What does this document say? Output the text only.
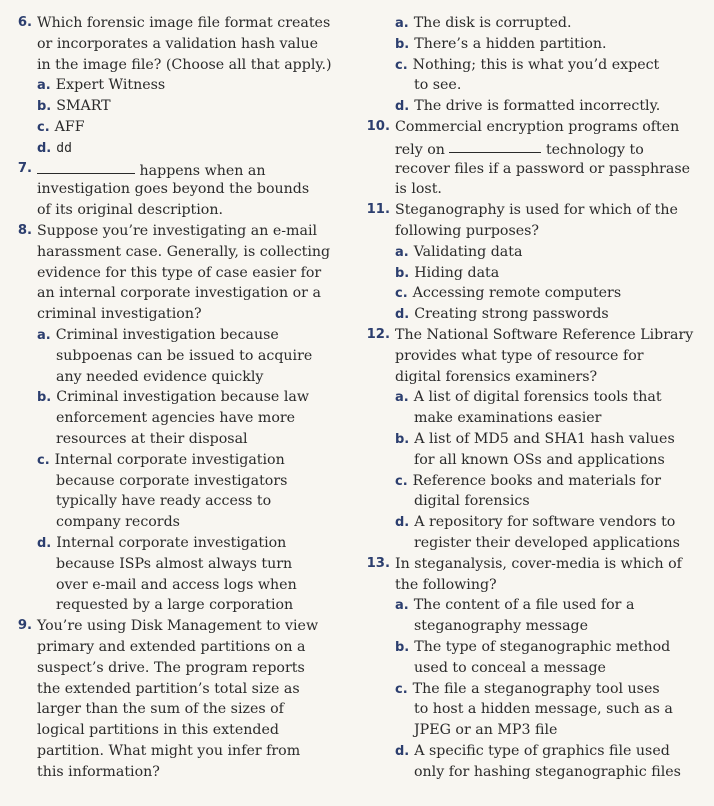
6. Which forensic image file format creates
or incorporates a validation hash value
in the image file? (Choose all that apply.)
a. Expert Witness
b. SMART
c. AFF
d. dd
7.	happens when an
investigation goes beyond the bounds
of its original description.
8. Suppose you’re investigating an e-mail
harassment case. Generally, is collecting
evidence for this type of case easier for
an internal corporate investigation or a
criminal investigation?
a. Criminal investigation because
subpoenas can be issued to acquire
any needed evidence quickly
b. Criminal investigation because law
enforcement agencies have more
resources at their disposal
c. Internal corporate investigation
because corporate investigators
typically have ready access to
company records
d. Internal corporate investigation
because ISPs almost always turn
over e-mail and access logs when
requested by a large corporation
9. You’re using Disk Management to view
primary and extended partitions on a
suspect’s drive. The program reports
the extended partition’s total size as
larger than the sum of the sizes of
logical partitions in this extended
partition. What might you infer from
this information?
a. The disk is corrupted.
b. There’s a hidden partition.
c. Nothing; this is what you’d expect
to see.
d. The drive is formatted incorrectly.
10. Commercial encryption programs often
rely on	technology to
recover files if a password or passphrase
is lost.
11. Steganography is used for which of the
following purposes?
a. Validating data
b. Hiding data
c. Accessing remote computers
d. Creating strong passwords
12. The National Software Reference Library
provides what type of resource for
digital forensics examiners?
a. A list of digital forensics tools that
make examinations easier
b. A list of MD5 and SHA1 hash values
for all known OSs and applications
c. Reference books and materials for
digital forensics
d. A repository for software vendors to
register their developed applications
13. In steganalysis, cover-media is which of
the following?
a. The content of a file used for a
steganography message
b. The type of steganographic method
used to conceal a message
c. The file a steganography tool uses
to host a hidden message, such as a
JPEG or an MP3 file
d. A specific type of graphics file used
only for hashing steganographic files
